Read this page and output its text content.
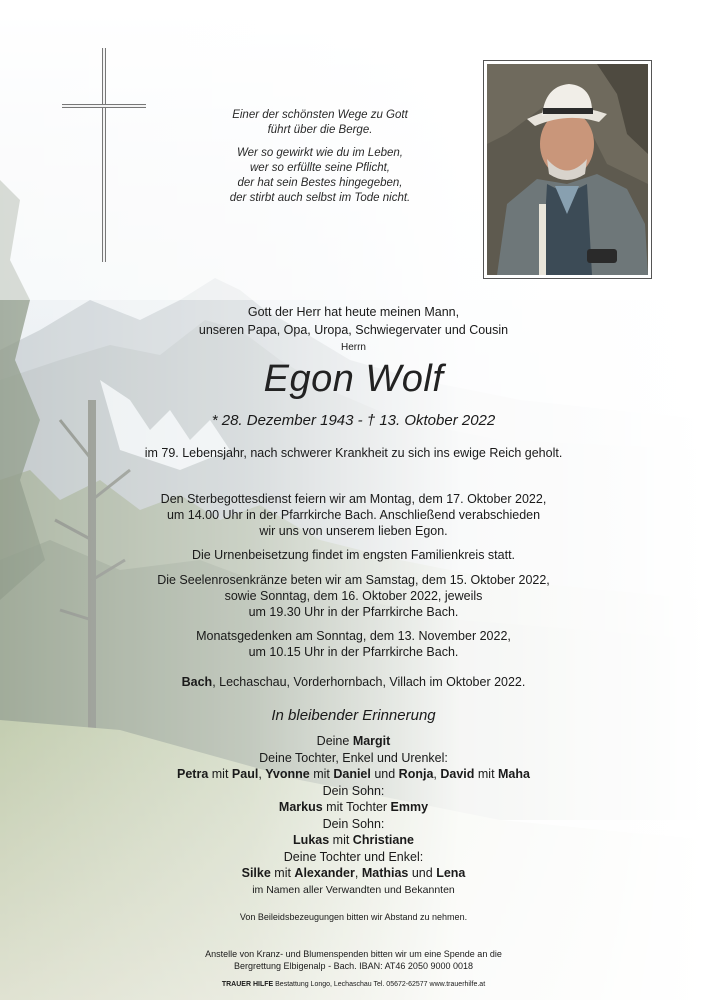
Einer der schönsten Wege zu Gott
führt über die Berge.

Wer so gewirkt wie du im Leben,
wer so erfüllte seine Pflicht,
der hat sein Bestes hingegeben,
der stirbt auch selbst im Tode nicht.

Gott der Herr hat heute meinen Mann,
unseren Papa, Opa, Uropa, Schwiegervater und Cousin
Herrn
Egon Wolf
* 28. Dezember 1943 - † 13. Oktober 2022
im 79. Lebensjahr, nach schwerer Krankheit zu sich ins ewige Reich geholt.
Den Sterbegottesdienst feiern wir am Montag, dem 17. Oktober 2022,
um 14.00 Uhr in der Pfarrkirche Bach. Anschließend verabschieden
wir uns von unserem lieben Egon.
Die Urnenbeisetzung findet im engsten Familienkreis statt.
Die Seelenrosenkränze beten wir am Samstag, dem 15. Oktober 2022,
sowie Sonntag, dem 16. Oktober 2022, jeweils
um 19.30 Uhr in der Pfarrkirche Bach.
Monatsgedenken am Sonntag, dem 13. November 2022,
um 10.15 Uhr in der Pfarrkirche Bach.
Bach, Lechaschau, Vorderhornbach, Villach im Oktober 2022.
In bleibender Erinnerung
Deine Margit
Deine Tochter, Enkel und Urenkel:
Petra mit Paul, Yvonne mit Daniel und Ronja, David mit Maha
Dein Sohn:
Markus mit Tochter Emmy
Dein Sohn:
Lukas mit Christiane
Deine Tochter und Enkel:
Silke mit Alexander, Mathias und Lena
im Namen aller Verwandten und Bekannten
Von Beileidsbezeugungen bitten wir Abstand zu nehmen.
Anstelle von Kranz- und Blumenspenden bitten wir um eine Spende an die
Bergrettung Elbigenalp - Bach. IBAN: AT46 2050 9000 0018
TRAUER HILFE Bestattung Longo, Lechaschau Tel. 05672-62577 www.trauerhilfe.at
